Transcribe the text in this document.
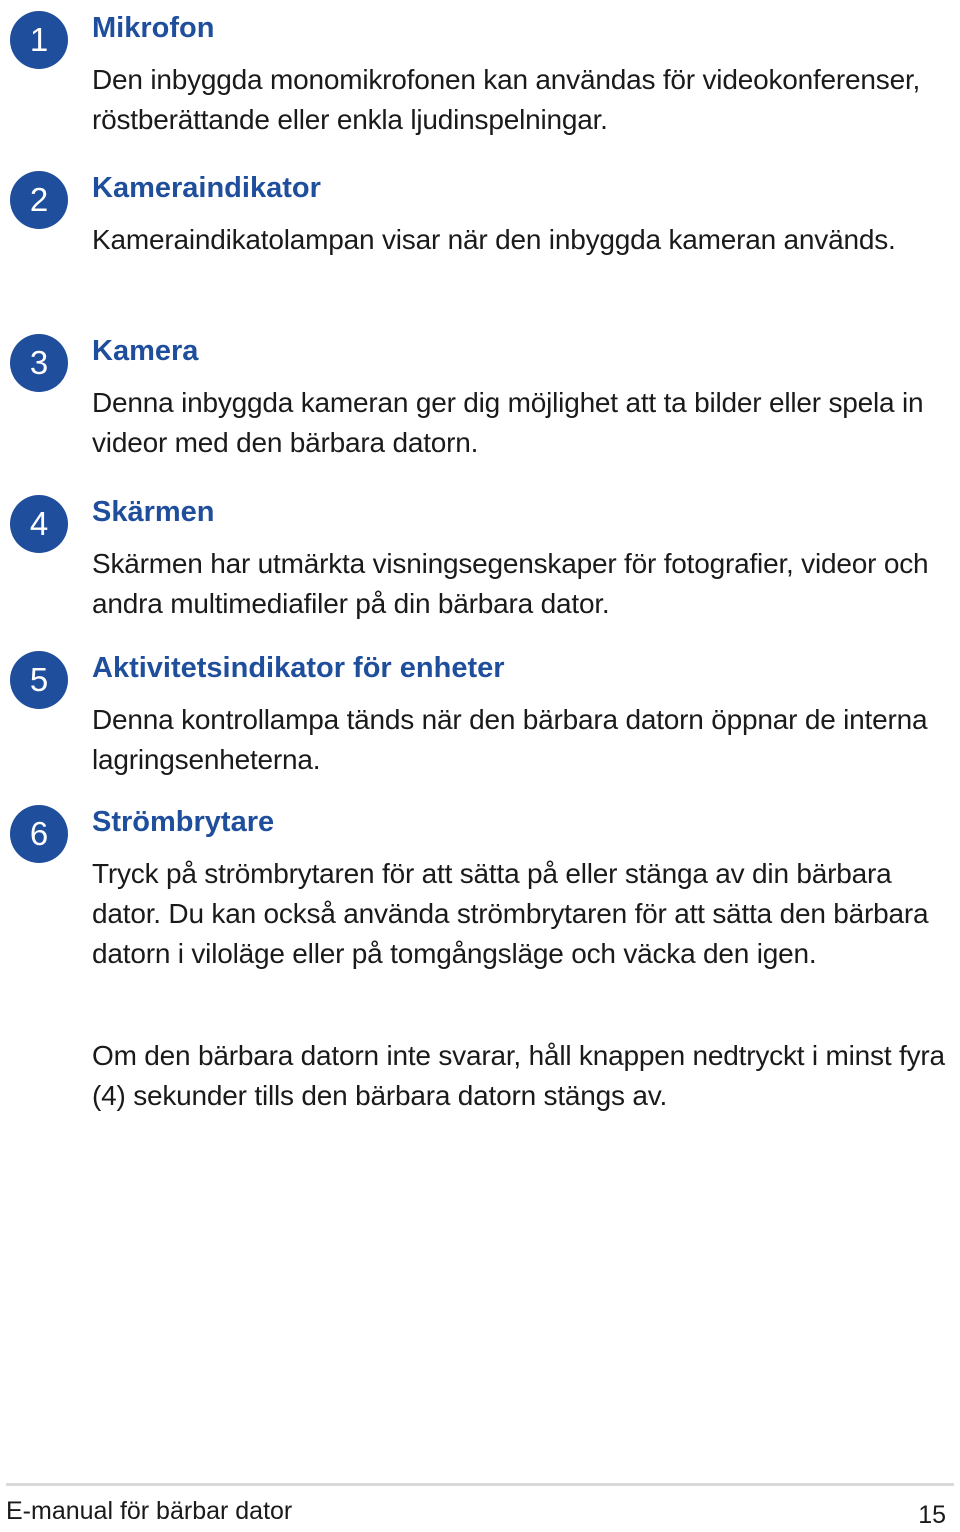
1	Mikrofon

Den inbyggda monomikrofonen kan användas för videokonferenser, röstberättande eller enkla ljudinspelningar.

2	Kameraindikator

Kameraindikatolampan visar när den inbyggda kameran används.

3	Kamera

Denna inbyggda kameran ger dig möjlighet att ta bilder eller spela in videor med den bärbara datorn.

4	Skärmen

Skärmen har utmärkta visningsegenskaper för fotografier, videor och andra multimediafiler på din bärbara dator.

5	Aktivitetsindikator för enheter

Denna kontrollampa tänds när den bärbara datorn öppnar de interna lagringsenheterna.

6	Strömbrytare

Tryck på strömbrytaren för att sätta på eller stänga av din bärbara dator. Du kan också använda strömbrytaren för att sätta den bärbara datorn i viloläge eller på tomgångsläge och väcka den igen.

Om den bärbara datorn inte svarar, håll knappen nedtryckt i minst fyra (4) sekunder tills den bärbara datorn stängs av.

E-manual för bärbar dator	15
